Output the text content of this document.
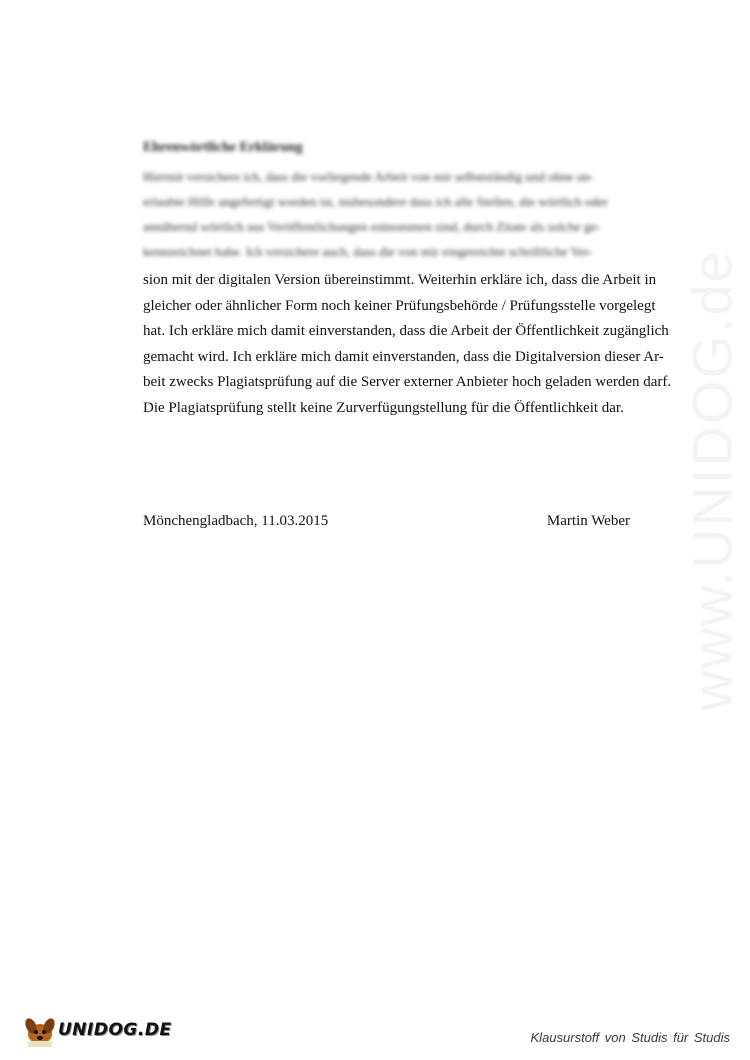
www.UNIDOG.de
Ehrenwörtliche Erklärung
Hiermit versichere ich, dass die vorliegende Arbeit von mir selbstständig und ohne un-
erlaubte Hilfe angefertigt worden ist, insbesondere dass ich alle Stellen, die wörtlich oder
annähernd wörtlich aus Veröffentlichungen entnommen sind, durch Zitate als solche ge-
kennzeichnet habe. Ich versichere auch, dass die von mir eingereichte schriftliche Ver-
sion mit der digitalen Version übereinstimmt. Weiterhin erkläre ich, dass die Arbeit in
gleicher oder ähnlicher Form noch keiner Prüfungsbehörde / Prüfungsstelle vorgelegt
hat. Ich erkläre mich damit einverstanden, dass die Arbeit der Öffentlichkeit zugänglich
gemacht wird. Ich erkläre mich damit einverstanden, dass die Digitalversion dieser Ar-
beit zwecks Plagiatsprüfung auf die Server externer Anbieter hoch geladen werden darf.
Die Plagiatsprüfung stellt keine Zurverfügungstellung für die Öffentlichkeit dar.
Mönchengladbach, 11.03.2015	Martin Weber
UNIDOG.DE	Klausurstoff von Studis für Studis
